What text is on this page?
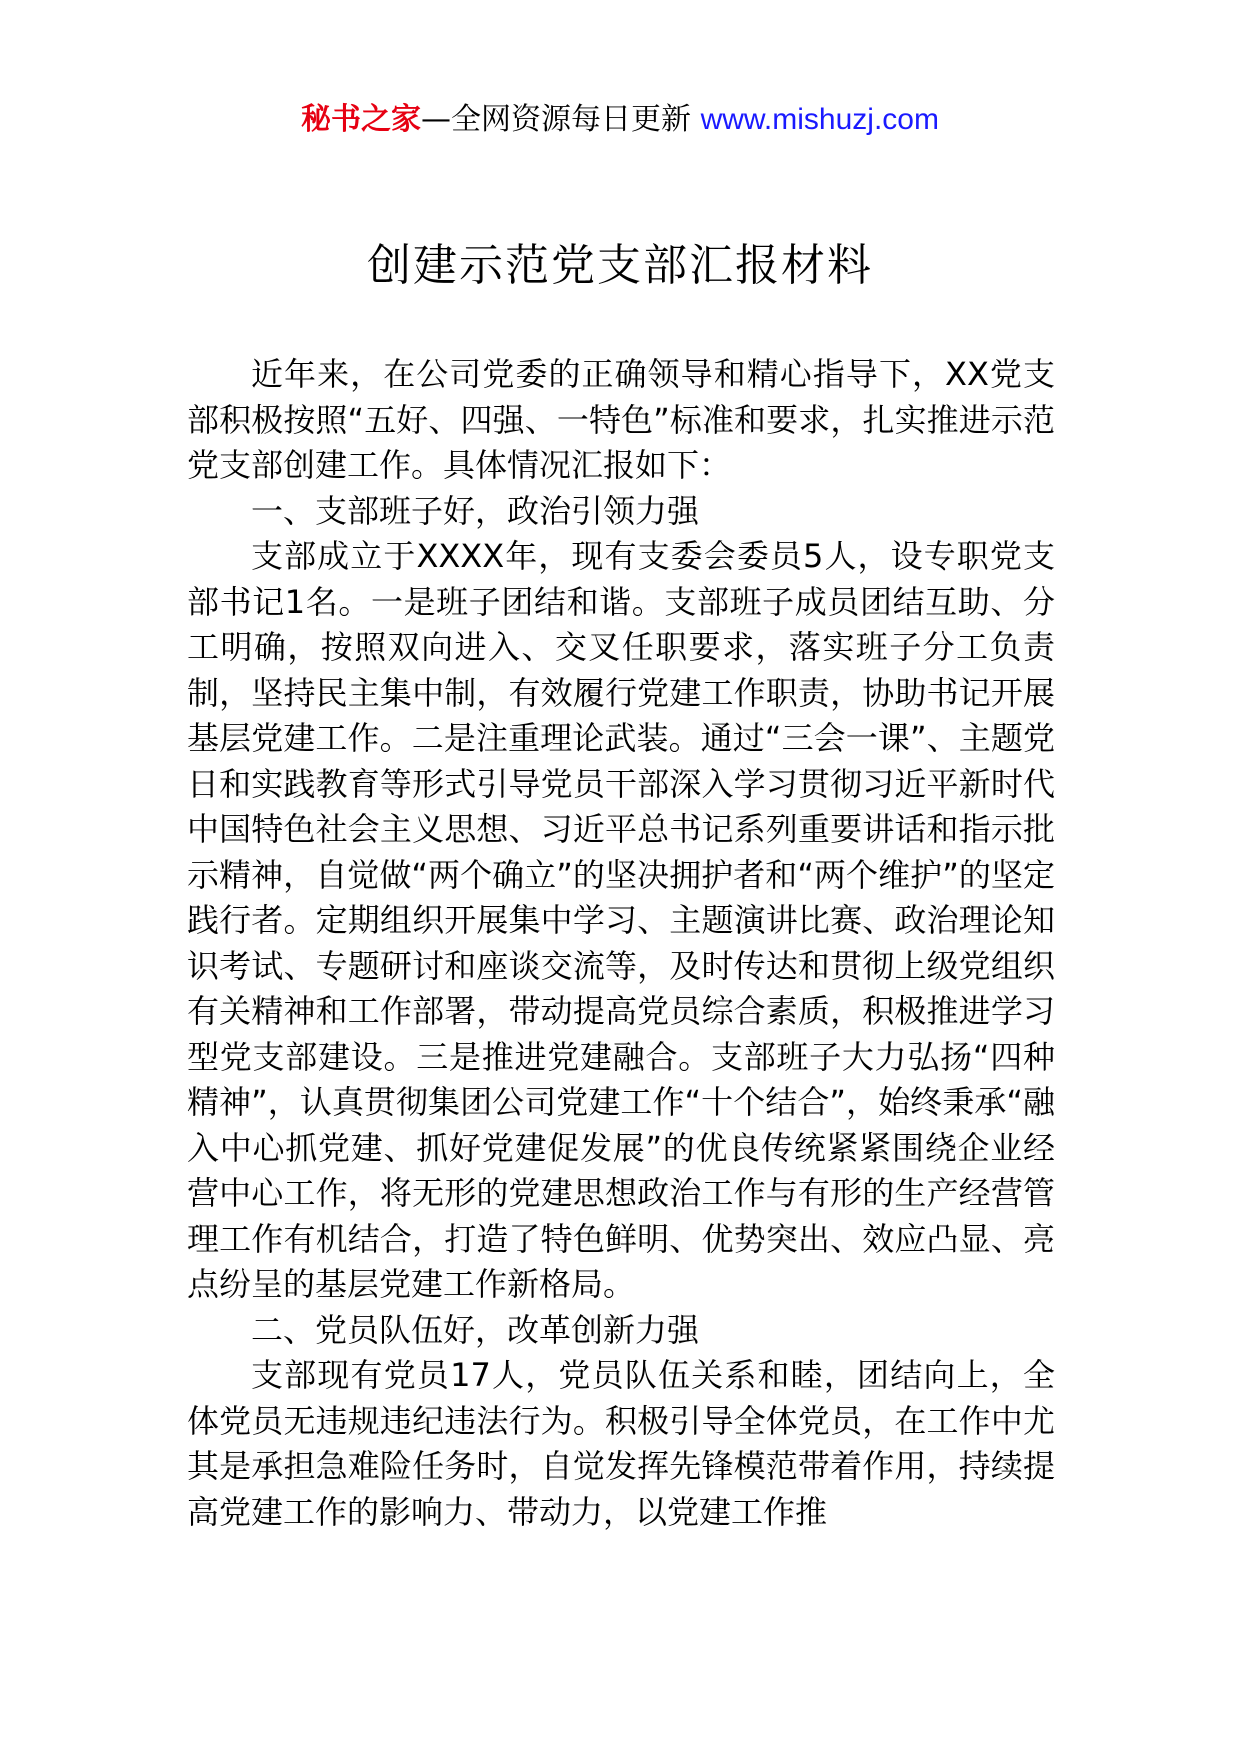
秘书之家—全网资源每日更新 www.mishuzj.com
创建示范党支部汇报材料

近年来，在公司党委的正确领导和精心指导下，XX党支部积极按照“五好、四强、一特色”标准和要求，扎实推进示范党支部创建工作。具体情况汇报如下：

一、支部班子好，政治引领力强

支部成立于XXXX年，现有支委会委员5人，设专职党支部书记1名。一是班子团结和谐。支部班子成员团结互助、分工明确，按照双向进入、交叉任职要求，落实班子分工负责制，坚持民主集中制，有效履行党建工作职责，协助书记开展基层党建工作。二是注重理论武装。通过“三会一课”、主题党日和实践教育等形式引导党员干部深入学习贯彻习近平新时代中国特色社会主义思想、习近平总书记系列重要讲话和指示批示精神，自觉做“两个确立”的坚决拥护者和“两个维护”的坚定践行者。定期组织开展集中学习、主题演讲比赛、政治理论知识考试、专题研讨和座谈交流等，及时传达和贯彻上级党组织有关精神和工作部署，带动提高党员综合素质，积极推进学习型党支部建设。三是推进党建融合。支部班子大力弘扬“四种精神”，认真贯彻集团公司党建工作“十个结合”，始终秉承“融入中心抓党建、抓好党建促发展”的优良传统紧紧围绕企业经营中心工作，将无形的党建思想政治工作与有形的生产经营管理工作有机结合，打造了特色鲜明、优势突出、效应凸显、亮点纷呈的基层党建工作新格局。

二、党员队伍好，改革创新力强

支部现有党员17人，党员队伍关系和睦，团结向上，全体党员无违规违纪违法行为。积极引导全体党员，在工作中尤其是承担急难险任务时，自觉发挥先锋模范带着作用，持续提高党建工作的影响力、带动力，以党建工作推
